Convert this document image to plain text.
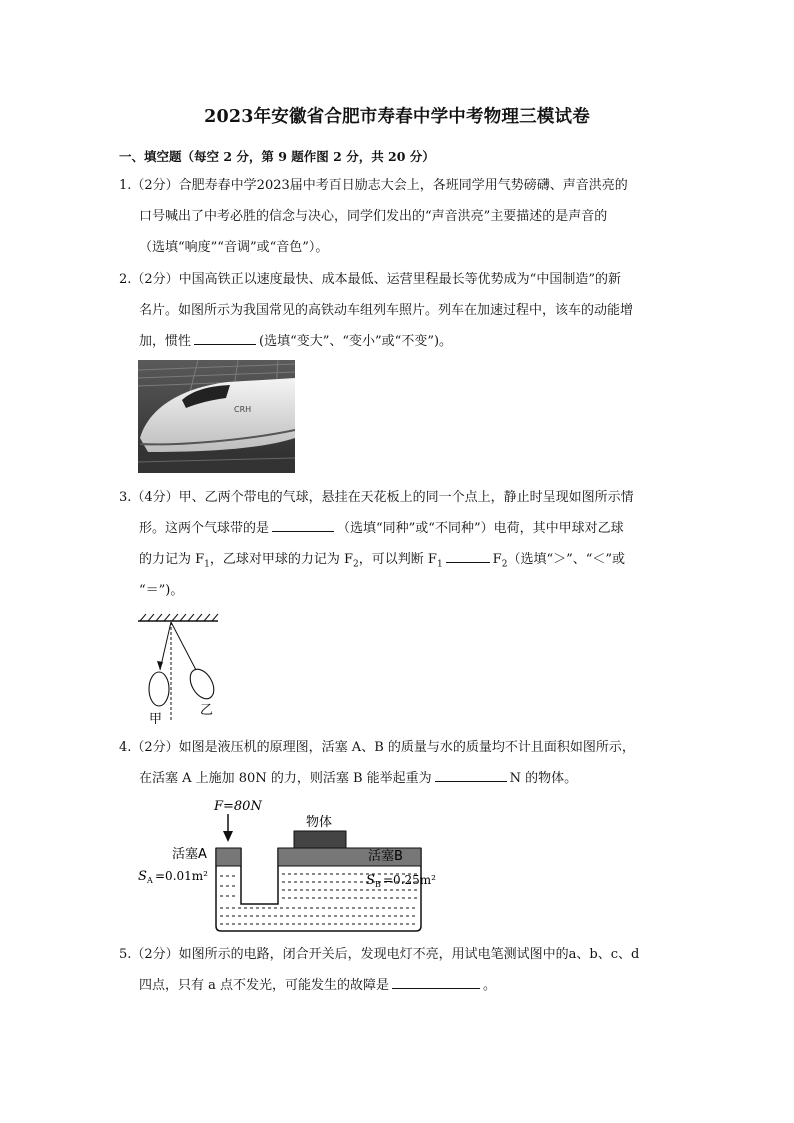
2023年安徽省合肥市寿春中学中考物理三模试卷
一、填空题（每空 2 分，第 9 题作图 2 分，共 20 分）
1.（2分）合肥寿春中学2023届中考百日励志大会上，各班同学用气势磅礴、声音洪亮的
口号喊出了中考必胜的信念与决心，同学们发出的“声音洪亮”主要描述的是声音的
（选填“响度”“音调”或“音色”）。
2.（2分）中国高铁正以速度最快、成本最低、运营里程最长等优势成为“中国制造”的新
名片。如图所示为我国常见的高铁动车组列车照片。列车在加速过程中，该车的动能增
加，惯性	(选填“变大”、“变小”或“不变”)。
CRH
3.（4分）甲、乙两个带电的气球，悬挂在天花板上的同一个点上，静止时呈现如图所示情
形。这两个气球带的是	（选填“同种”或“不同种”）电荷，其中甲球对乙球
的力记为 $F_1$，乙球对甲球的力记为 $F_2$，可以判断 $F_1$	$F_2$（选填“＞”、“＜”或
“＝”)。
甲
乙
4.（2分）如图是液压机的原理图，活塞 A、B 的质量与水的质量均不计且面积如图所示，
在活塞 A 上施加 80N 的力，则活塞 B 能举起重为	N 的物体。
F=80N
物体
活塞A	活塞B
S A =0.01m²	S B =0.25m²
5.（2分）如图所示的电路，闭合开关后，发现电灯不亮，用试电笔测试图中的a、b、c、d
四点，只有 a 点不发光，可能发生的故障是	。
